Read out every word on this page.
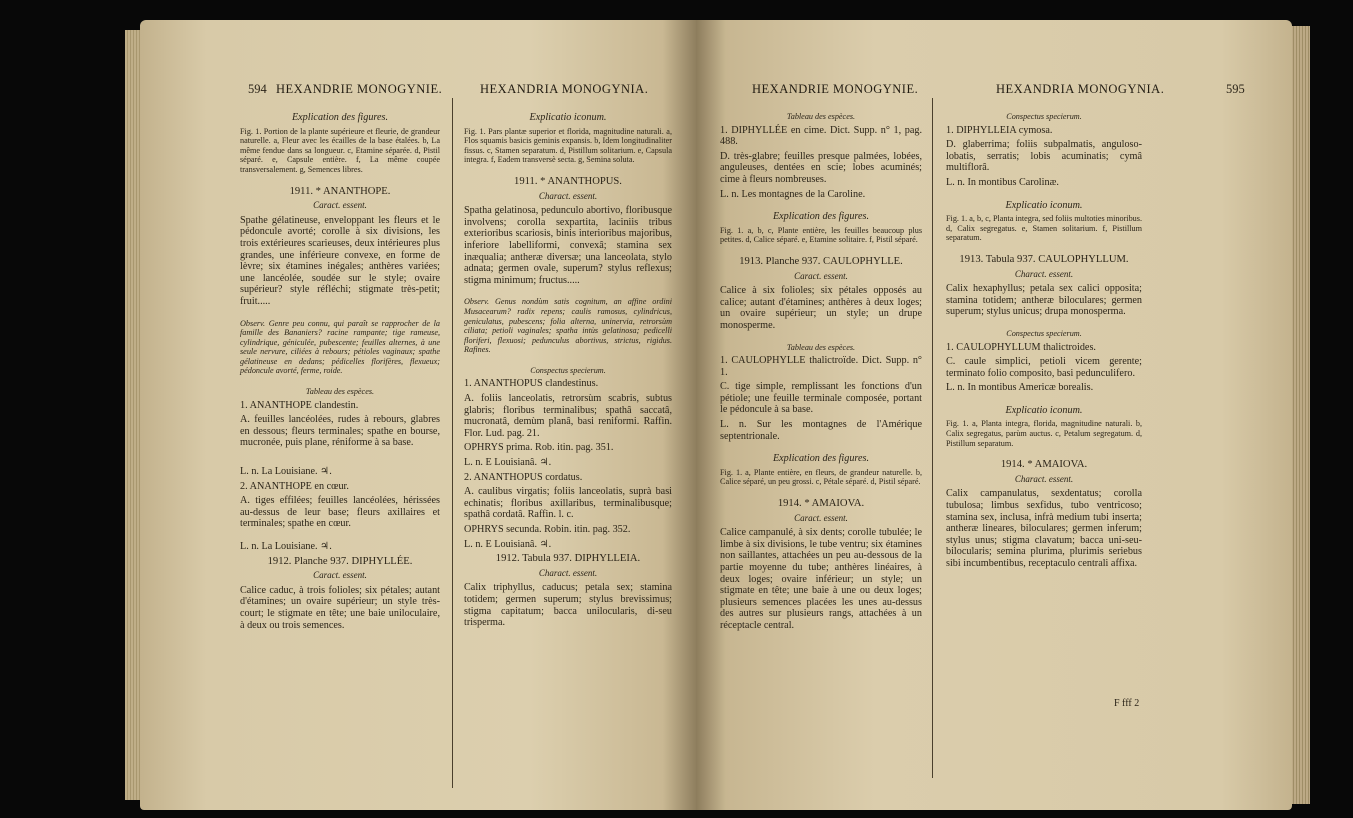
594 HEXANDRIE MONOGYNIE.	HEXANDRIA MONOGYNIA.

Explication des figures.

Fig. 1. Portion de la plante supérieure et fleurie, de grandeur naturelle. a, Fleur avec les écailles de la base étalées. b, La même fendue dans sa longueur. c, Etamine séparée. d, Pistil séparé. e, Capsule entière. f, La même coupée transversalement. g, Semences libres.

1911. * ANANTHOPE.

Caract. essent.

Spathe gélatineuse, enveloppant les fleurs et le pédoncule avorté; corolle à six divisions, les trois extérieures scarieuses, deux intérieures plus grandes, une inférieure convexe, en forme de lèvre; six étamines inégales; anthères variées; une lancéolée, soudée sur le style; ovaire supérieur? style réfléchi; stigmate très-petit; fruit.....

Observ. Genre peu connu, qui paraît se rapprocher de la famille des Bananiers? racine rampante; tige rameuse, cylindrique, géniculée, pubescente; feuilles alternes, à une seule nervure, ciliées à rebours; pétioles vaginaux; spathe gélatineuse en dedans; pédicelles florifères, flexueux; pédoncule avorté, ferme, roide.

Tableau des espèces.

1. ANANTHOPE clandestin.

A. feuilles lancéolées, rudes à rebours, glabres en dessous; fleurs terminales; spathe en bourse, mucronée, puis plane, réniforme à sa base.

L. n. La Louisiane. ♃.

2. ANANTHOPE en cœur.

A. tiges effilées; feuilles lancéolées, hérissées au-dessus de leur base; fleurs axillaires et terminales; spathe en cœur.

L. n. La Louisiane. ♃.

1912. Planche 937. DIPHYLLÉE.

Caract. essent.

Calice caduc, à trois folioles; six pétales; autant d'étamines; un ovaire supérieur; un style très-court; le stigmate en tête; une baie uniloculaire, à deux ou trois semences.

Explicatio iconum.

Fig. 1. Pars plantæ superior et florida, magnitudine naturali. a, Flos squamis basicis geminis expansis. b, Idem longitudinaliter fissus. c, Stamen separatum. d, Pistillum solitarium. e, Capsula integra. f, Eadem transversè secta. g, Semina soluta.

1911. * ANANTHOPUS.

Charact. essent.

Spatha gelatinosa, pedunculo abortivo, floribusque involvens; corolla sexpartita, laciniis tribus exterioribus scariosis, binis interioribus majoribus, inferiore labelliformi, convexâ; stamina sex inæqualia; antheræ diversæ; una lanceolata, stylo adnata; germen ovale, superum? stylus reflexus; stigma minimum; fructus.....

Observ. Genus nondùm satis cognitum, an affine ordini Musacearum? radix repens; caulis ramosus, cylindricus, geniculatus, pubescens; folia alterna, uninervia, retrorsùm ciliata; petioli vaginales; spatha intùs gelatinosa; pedicelli floriferi, flexuosi; pedunculus abortivus, strictus, rigidus. Rafines.

Conspectus specierum.

1. ANANTHOPUS clandestinus.

A. foliis lanceolatis, retrorsùm scabris, subtus glabris; floribus terminalibus; spathâ saccatâ, mucronatâ, demùm planâ, basi reniformi. Raffin. Flor. Lud. pag. 21.

OPHRYS prima. Rob. itin. pag. 351.

L. n. E Louisianâ. ♃.

2. ANANTHOPUS cordatus.

A. caulibus virgatis; foliis lanceolatis, suprà basi echinatis; floribus axillaribus, terminalibusque; spathâ cordatâ. Raffin. l. c.

OPHRYS secunda. Robin. itin. pag. 352.

L. n. E Louisianâ. ♃.

1912. Tabula 937. DIPHYLLEIA.

Charact. essent.

Calix triphyllus, caducus; petala sex; stamina totidem; germen superum; stylus brevissimus; stigma capitatum; bacca unilocularis, di-seu trisperma.

HEXANDRIE MONOGYNIE.	HEXANDRIA MONOGYNIA.	595

Tableau des espèces.

1. DIPHYLLÉE en cime. Dict. Supp. n° 1, pag. 488.

D. très-glabre; feuilles presque palmées, lobées, anguleuses, dentées en scie; lobes acuminés; cime à fleurs nombreuses.

L. n. Les montagnes de la Caroline.

Explication des figures.

Fig. 1. a, b, c, Plante entière, les feuilles beaucoup plus petites. d, Calice séparé. e, Etamine solitaire. f, Pistil séparé.

1913. Planche 937. CAULOPHYLLE.

Caract. essent.

Calice à six folioles; six pétales opposés au calice; autant d'étamines; anthères à deux loges; un ovaire supérieur; un style; un drupe monosperme.

Tableau des espèces.

1. CAULOPHYLLE thalictroïde. Dict. Supp. n° 1.

C. tige simple, remplissant les fonctions d'un pétiole; une feuille terminale composée, portant le pédoncule à sa base.

L. n. Sur les montagnes de l'Amérique septentrionale.

Explication des figures.

Fig. 1. a, Plante entière, en fleurs, de grandeur naturelle. b, Calice séparé, un peu grossi. c, Pétale séparé. d, Pistil séparé.

1914. * AMAIOVA.

Caract. essent.

Calice campanulé, à six dents; corolle tubulée; le limbe à six divisions, le tube ventru; six étamines non saillantes, attachées un peu au-dessous de la partie moyenne du tube; anthères linéaires, à deux loges; ovaire inférieur; un style; un stigmate en tête; une baie à une ou deux loges; plusieurs semences placées les unes au-dessus des autres sur plusieurs rangs, attachées à un réceptacle central.

Conspectus specierum.

1. DIPHYLLEIA cymosa.

D. glaberrima; foliis subpalmatis, anguloso-lobatis, serratis; lobis acuminatis; cymâ multiflorâ.

L. n. In montibus Carolinæ.

Explicatio iconum.

Fig. 1. a, b, c, Planta integra, sed foliis multoties minoribus. d, Calix segregatus. e, Stamen solitarium. f, Pistillum separatum.

1913. Tabula 937. CAULOPHYLLUM.

Charact. essent.

Calix hexaphyllus; petala sex calici opposita; stamina totidem; antheræ biloculares; germen superum; stylus unicus; drupa monosperma.

Conspectus specierum.

1. CAULOPHYLLUM thalictroides.

C. caule simplici, petioli vicem gerente; terminato folio composito, basi pedunculifero.

L. n. In montibus Americæ borealis.

Explicatio iconum.

Fig. 1. a, Planta integra, florida, magnitudine naturali. b, Calix segregatus, parùm auctus. c, Petalum segregatum. d, Pistillum separatum.

1914. * AMAIOVA.

Charact. essent.

Calix campanulatus, sexdentatus; corolla tubulosa; limbus sexfidus, tubo ventricoso; stamina sex, inclusa, infrà medium tubi inserta; antheræ lineares, biloculares; germen inferum; stylus unus; stigma clavatum; bacca uni-seu-bilocularis; semina plurima, plurimis seriebus sibi incumbentibus, receptaculo centrali affixa.

F fff 2
